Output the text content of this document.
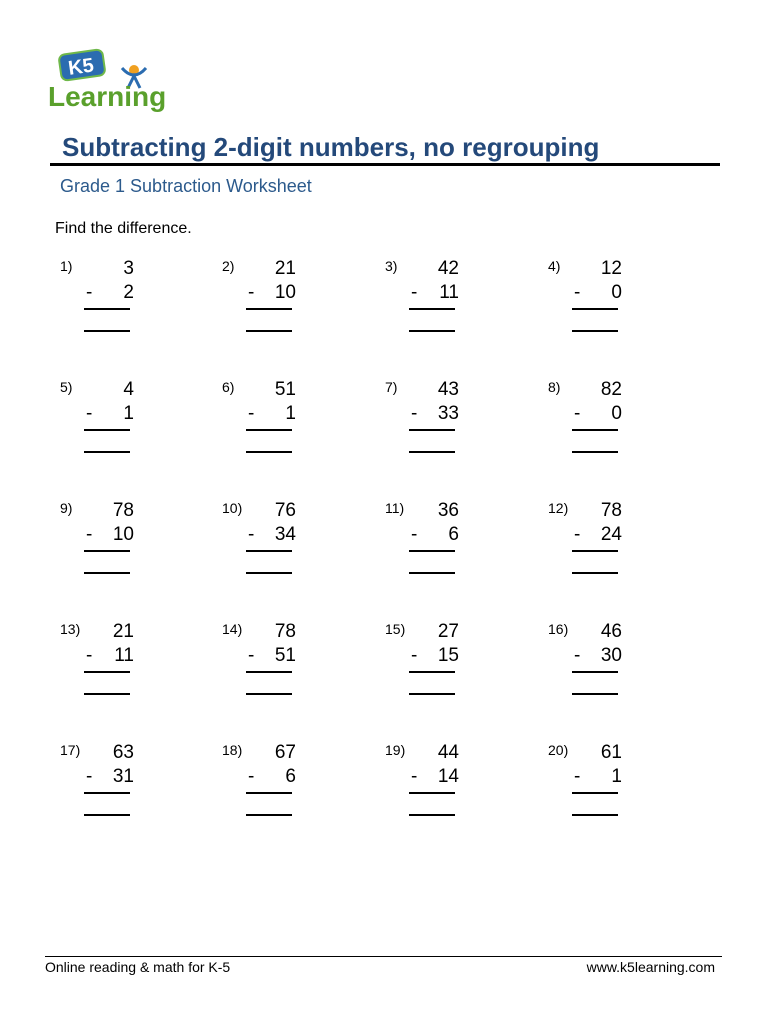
K5
Learning
Subtracting 2-digit numbers, no regrouping
Grade 1 Subtraction Worksheet
Find the difference.
1)	3
-	2
2)	21
-	10
3)	42
-	11
4)	12
-	0
5)	4
-	1
6)	51
-	1
7)	43
-	33
8)	82
-	0
9)	78
-	10
10)	76
-	34
11)	36
-	6
12)	78
-	24
13)	21
-	11
14)	78
-	51
15)	27
-	15
16)	46
-	30
17)	63
-	31
18)	67
-	6
19)	44
-	14
20)	61
-	1
Online reading & math for K-5	www.k5learning.com
